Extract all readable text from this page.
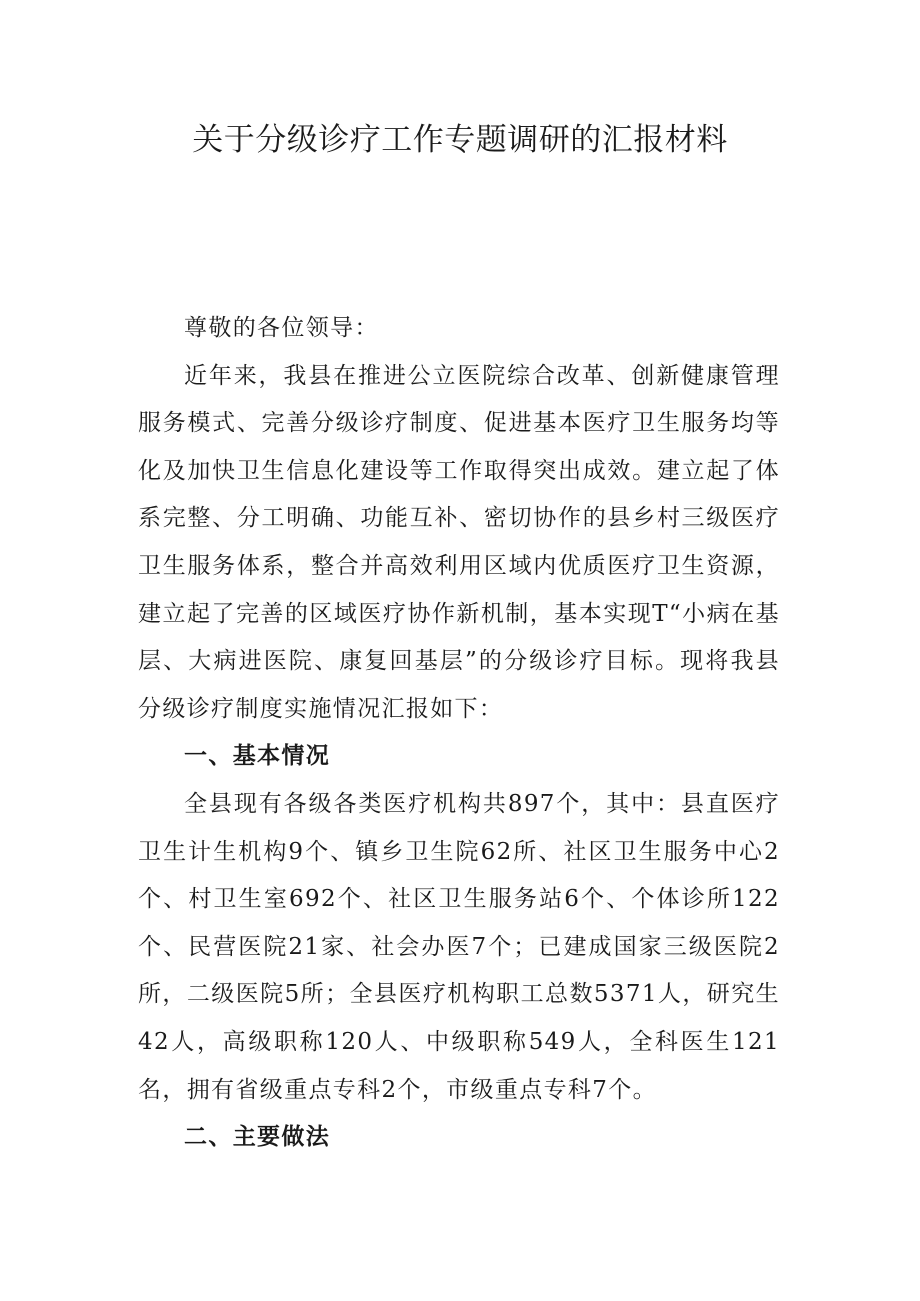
关于分级诊疗工作专题调研的汇报材料

尊敬的各位领导：

近年来，我县在推进公立医院综合改革、创新健康管理服务模式、完善分级诊疗制度、促进基本医疗卫生服务均等化及加快卫生信息化建设等工作取得突出成效。建立起了体系完整、分工明确、功能互补、密切协作的县乡村三级医疗卫生服务体系，整合并高效利用区域内优质医疗卫生资源，建立起了完善的区域医疗协作新机制，基本实现T“小病在基层、大病进医院、康复回基层”的分级诊疗目标。现将我县分级诊疗制度实施情况汇报如下：

一、基本情况

全县现有各级各类医疗机构共897个，其中：县直医疗卫生计生机构9个、镇乡卫生院62所、社区卫生服务中心2个、村卫生室692个、社区卫生服务站6个、个体诊所122个、民营医院21家、社会办医7个；已建成国家三级医院2所，二级医院5所；全县医疗机构职工总数5371人，研究生42人，高级职称120人、中级职称549人，全科医生121名，拥有省级重点专科2个，市级重点专科7个。

二、主要做法
